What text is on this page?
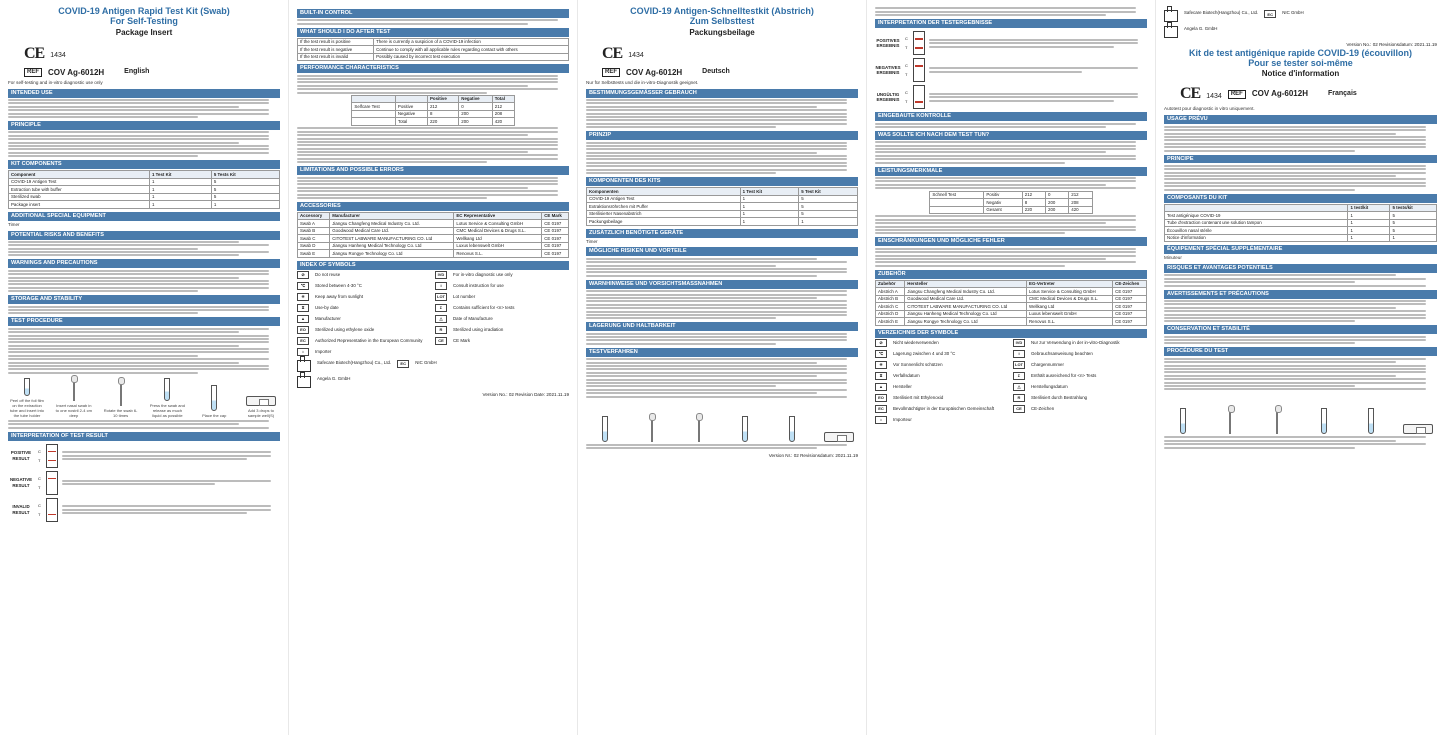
COVID-19 Antigen Rapid Test Kit (Swab)
For Self-Testing
Package Insert
CE 1434
REF	COV Ag-6012H	English
For self-testing and in-vitro diagnostic use only
INTENDED USE
PRINCIPLE
KIT COMPONENTS
Component	1 Test Kit	5 Tests Kit
COVID-19 Antigen Test	1	5
Extraction tube with buffer	1	5
Sterilized swab	1	5
Package insert	1	1
ADDITIONAL SPECIAL EQUIPMENT
Timer
POTENTIAL RISKS AND BENEFITS
WARNINGS AND PRECAUTIONS
STORAGE AND STABILITY
TEST PROCEDURE
Peel off the foil film on the extraction tube and insert into the tube holder
Insert nasal swab in to one nostril 2-4 cm deep
Rotate the swab 6-10 times
Press the swab and release as much liquid as possible	Place the cap
Add 3 drops to sample well(S)
INTERPRETATION OF TEST RESULT
POSITIVE RESULT
C
T
NEGATIVE RESULT
C
T
INVALID RESULT
C
T
BUILT-IN CONTROL
WHAT SHOULD I DO AFTER TEST
If the test result is positive	There is currently a suspicion of a COVID-19 infection
If the test result is negative	Continue to comply with all applicable rules regarding contact with others
If the test result is invalid	Possibly caused by incorrect test execution
PERFORMANCE CHARACTERISTICS
		Positive	Negative	Total
Selfcare Test	Positive	212	0	212
	Negative	8	200	208
	Total	220	200	420
LIMITATIONS AND POSSIBLE ERRORS
ACCESSORIES
Accessory	Manufacturer	EC Representative	CE Mark
Swab A	Jiangsu Changfeng Medical Industry Co. Ltd.	Lotus Service & Consulting GmbH	CE 0197
Swab B	Goodwood Medical Care Ltd.	CMC Medical Devices & Drugs S.L.	CE 0197
Swab C	CITOTEST LABWARE MANUFACTURING CO. Ltd	Wellkang Ltd	CE 0197
Swab D	Jiangsu Hanheng Medical Technology Co. Ltd	Luxus lebenswelt GmbH	CE 0197
Swab E	Jiangsu Rongye Technology Co. Ltd	Renovus S.L.	CE 0197
INDEX OF SYMBOLS
⊘	Do not reuse	IVD	For in-vitro diagnostic use only
℃	Stored between 4-30 °C	i	Consult instruction for use
☀	Keep away from sunlight	LOT	Lot number
⧗	Use-by date	Σ	Contains sufficient for <n> tests
▲	Manufacturer	△	Date of Manufacture
EO	Sterilized using ethylene oxide	R	Sterilized using irradiation
EC	Authorized Representative in the European Community	CE	CE Mark
⌂	Importer
Safecare Biotech(Hangzhou) Co., Ltd.	EC	NIC GmbH
Angela G. GmbH
Version No.: 02 Revision Date: 2021.11.19
COVID-19 Antigen-Schnelltestkit (Abstrich)
Zum Selbsttest
Packungsbeilage
CE 1434
REF	COV Ag-6012H	Deutsch
Nur für Selbsttests und die in-vitro-Diagnostik geeignet.
BESTIMMUNGSGEMÄSSER GEBRAUCH
PRINZIP
KOMPONENTEN DES KITS
Komponenten	1 Test Kit	5 Test Kit
COVID-19 Antigen Test	1	5
Extraktionsröhrchen mit Puffer	1	5
Sterilisierter Nasenabstrich	1	5
Packungsbeilage	1	1
ZUSÄTZLICH BENÖTIGTE GERÄTE
Timer
MÖGLICHE RISIKEN UND VORTEILE
WARNHINWEISE UND VORSICHTSMASSNAHMEN
LAGERUNG UND HALTBARKEIT
TESTVERFAHREN
Version Nr.: 02 Revisionsdatum: 2021.11.19
INTERPRETATION DER TESTERGEBNISSE
POSITIVES ERGEBNIS
C
T
NEGATIVES ERGEBNIS
C
T
UNGÜLTIG ERGEBNIS
C
T
EINGEBAUTE KONTROLLE
WAS SOLLTE ICH NACH DEM TEST TUN?
LEISTUNGSMERKMALE
Schnell Test	Positiv	212	0	212
	Negativ	8	200	208
	Gesamt	220	200	420
EINSCHRÄNKUNGEN UND MÖGLICHE FEHLER
ZUBEHÖR
Zubehör	Hersteller	EG-Vertreter	CE-Zeichen
Abstrich A	Jiangsu Changfeng Medical Industry Co. Ltd.	Lotus Service & Consulting GmbH	CE 0197
Abstrich B	Goodwood Medical Care Ltd.	CMC Medical Devices & Drugs S.L.	CE 0197
Abstrich C	CITOTEST LABWARE MANUFACTURING CO. Ltd	Wellkang Ltd	CE 0197
Abstrich D	Jiangsu Hanheng Medical Technology Co. Ltd	Luxus lebenswelt GmbH	CE 0197
Abstrich E	Jiangsu Rongye Technology Co. Ltd	Renovus S.L.	CE 0197
VERZEICHNIS DER SYMBOLE
⊘	Nicht wiederverwenden	IVD	Nur zur Verwendung in der in-vitro-Diagnostik
℃	Lagerung zwischen 4 und 30 °C	i	Gebrauchsanweisung beachten
☀	Vor Sonnenlicht schützen	LOT	Chargennummer
⧗	Verfallsdatum	Σ	Enthält ausreichend für <n> Tests
▲	Hersteller	△	Herstellungsdatum
EO	Sterilisiert mit Ethylenoxid	R	Sterilisiert durch Bestrahlung
EC	Bevollmächtigter in der Europäischen Gemeinschaft	CE	CE-Zeichen
⌂	Importeur
Safecare Biotech(Hangzhou) Co., Ltd.	EC	NIC GmbH
Angela G. GmbH
Version No.: 02 Revisionsdatum: 2021.11.19
Kit de test antigénique rapide COVID-19 (écouvillon)
Pour se tester soi-même
Notice d'information
CE 1434	REF	COV Ag-6012H	Français
Autotest pour diagnostic in vitro uniquement.
USAGE PRÉVU
PRINCIPE
COMPOSANTS DU KIT
	1 test/kit	5 tests/kit
Test antigénique COVID-19	1	5
Tube d'extraction contenant une solution tampon	1	5
Écouvillon nasal stérile	1	5
Notice d'information	1	1
ÉQUIPEMENT SPÉCIAL SUPPLÉMENTAIRE
Minuteur
RISQUES ET AVANTAGES POTENTIELS
AVERTISSEMENTS ET PRÉCAUTIONS
CONSERVATION ET STABILITÉ
PROCÉDURE DU TEST
